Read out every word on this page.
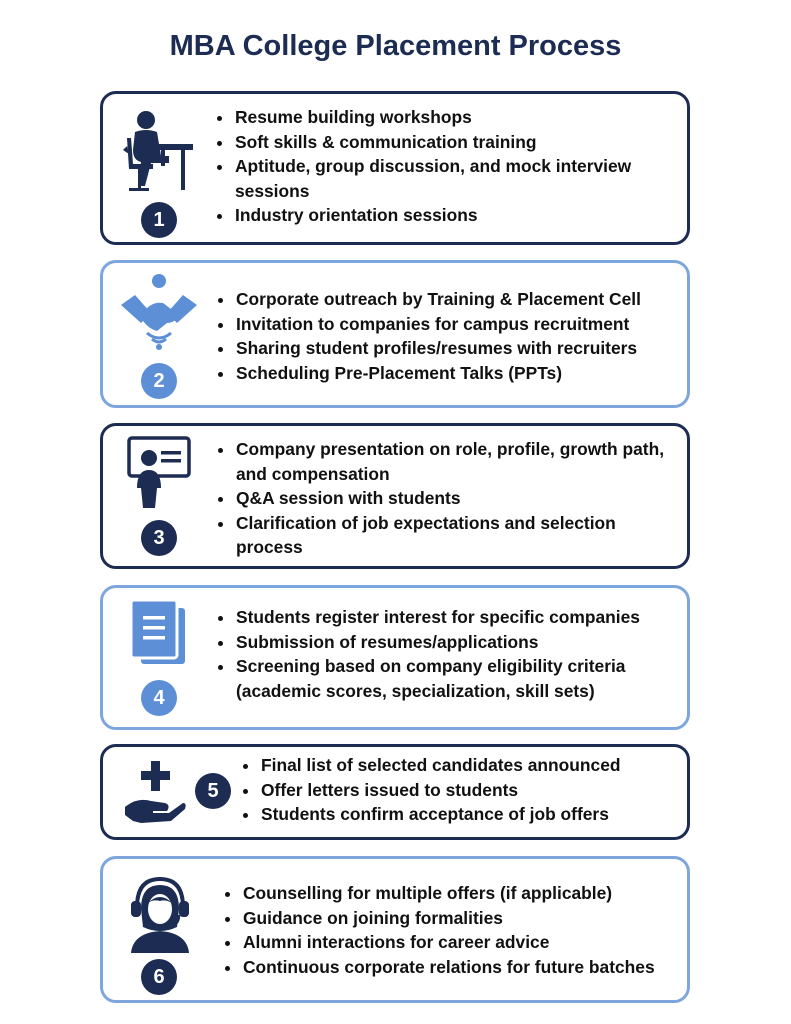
MBA College Placement Process
1
Resume building workshops
Soft skills & communication training
Aptitude, group discussion, and mock interview sessions
Industry orientation sessions
2
Corporate outreach by Training & Placement Cell
Invitation to companies for campus recruitment
Sharing student profiles/resumes with recruiters
Scheduling Pre-Placement Talks (PPTs)
3
Company presentation on role, profile, growth path, and compensation
Q&A session with students
Clarification of job expectations and selection process
4
Students register interest for specific companies
Submission of resumes/applications
Screening based on company eligibility criteria (academic scores, specialization, skill sets)
5
Final list of selected candidates announced
Offer letters issued to students
Students confirm acceptance of job offers
6
Counselling for multiple offers (if applicable)
Guidance on joining formalities
Alumni interactions for career advice
Continuous corporate relations for future batches
